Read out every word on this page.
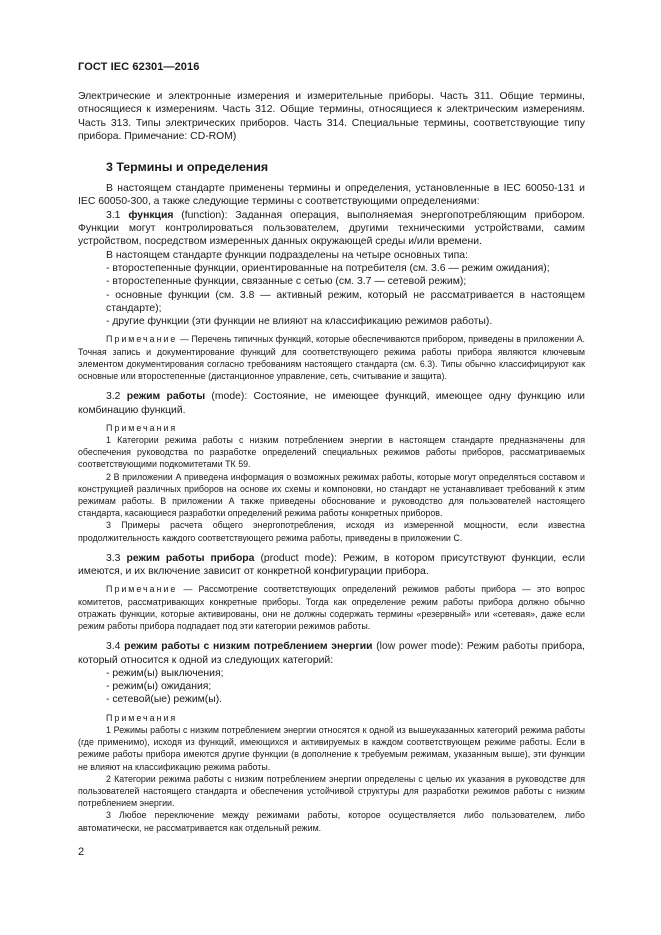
ГОСТ IEC 62301—2016

Электрические и электронные измерения и измерительные приборы. Часть 311. Общие термины, относящиеся к измерениям. Часть 312. Общие термины, относящиеся к электрическим измерениям. Часть 313. Типы электрических приборов. Часть 314. Специальные термины, соответствующие типу прибора. Примечание: CD-ROM)

3 Термины и определения

В настоящем стандарте применены термины и определения, установленные в IEC 60050-131 и IEC 60050-300, а также следующие термины с соответствующими определениями:

3.1 функция (function): Заданная операция, выполняемая энергопотребляющим прибором. Функции могут контролироваться пользователем, другими техническими устройствами, самим устройством, посредством измеренных данных окружающей среды и/или времени.

В настоящем стандарте функции подразделены на четыре основных типа:

- второстепенные функции, ориентированные на потребителя (см. 3.6 — режим ожидания);

- второстепенные функции, связанные с сетью (см. 3.7 — сетевой режим);

- основные функции (см. 3.8 — активный режим, который не рассматривается в настоящем стандарте);

- другие функции (эти функции не влияют на классификацию режимов работы).

Примечание — Перечень типичных функций, которые обеспечиваются прибором, приведены в приложении А. Точная запись и документирование функций для соответствующего режима работы прибора являются ключевым элементом документирования согласно требованиям настоящего стандарта (см. 6.3). Типы обычно классифицируют как основные или второстепенные (дистанционное управление, сеть, считывание и защита).

3.2 режим работы (mode): Состояние, не имеющее функций, имеющее одну функцию или комбинацию функций.

Примечания

1 Категории режима работы с низким потреблением энергии в настоящем стандарте предназначены для обеспечения руководства по разработке определений специальных режимов работы приборов, рассматриваемых соответствующими подкомитетами ТК 59.

2 В приложении А приведена информация о возможных режимах работы, которые могут определяться составом и конструкцией различных приборов на основе их схемы и компоновки, но стандарт не устанавливает требований к этим режимам работы. В приложении А также приведены обоснование и руководство для пользователей настоящего стандарта, касающиеся разработки определений режима работы конкретных приборов.

3 Примеры расчета общего энергопотребления, исходя из измеренной мощности, если известна продолжительность каждого соответствующего режима работы, приведены в приложении С.

3.3 режим работы прибора (product mode): Режим, в котором присутствуют функции, если имеются, и их включение зависит от конкретной конфигурации прибора.

Примечание — Рассмотрение соответствующих определений режимов работы прибора — это вопрос комитетов, рассматривающих конкретные приборы. Тогда как определение режим работы прибора должно обычно отражать функции, которые активированы, они не должны содержать термины «резервный» или «сетевая», даже если режим работы прибора подпадает под эти категории режимов работы.

3.4 режим работы с низким потреблением энергии (low power mode): Режим работы прибора, который относится к одной из следующих категорий:

- режим(ы) выключения;

- режим(ы) ожидания;

- сетевой(ые) режим(ы).

Примечания

1 Режимы работы с низким потреблением энергии относятся к одной из вышеуказанных категорий режима работы (где применимо), исходя из функций, имеющихся и активируемых в каждом соответствующем режиме работы. Если в режиме работы прибора имеются другие функции (в дополнение к требуемым режимам, указанным выше), эти функции не влияют на классификацию режима работы.

2 Категории режима работы с низким потреблением энергии определены с целью их указания в руководстве для пользователей настоящего стандарта и обеспечения устойчивой структуры для разработки режимов работы с низким потреблением энергии.

3 Любое переключение между режимами работы, которое осуществляется либо пользователем, либо автоматически, не рассматривается как отдельный режим.

2
